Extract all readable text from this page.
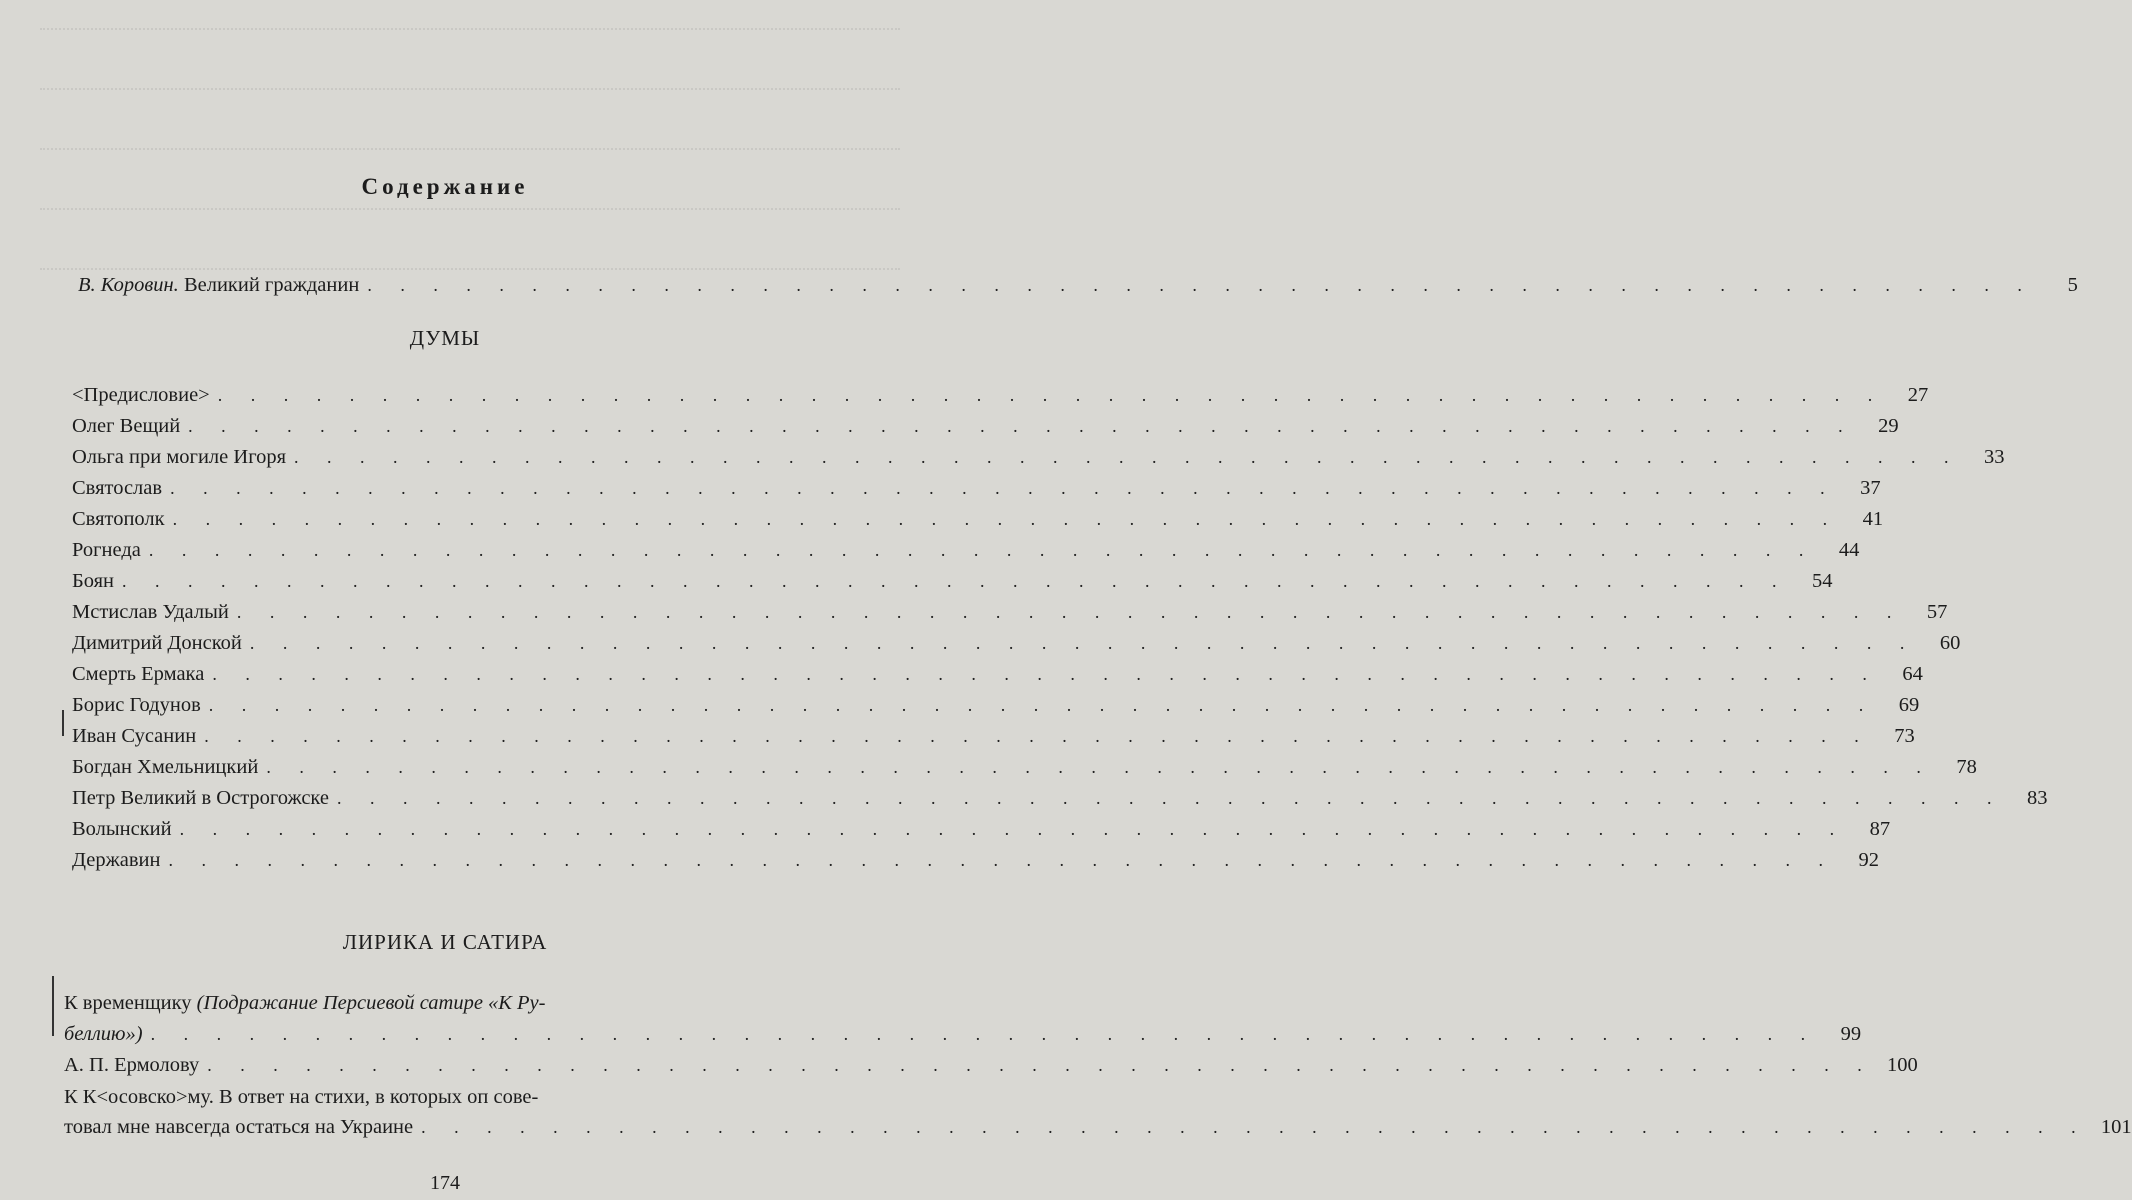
Содержание
В. Коровин. Великий гражданин . . . . . . . . . . . . . . . . . . . . . . . . . . . . . . . . . . . . . . . . . . . . . . . . . . .	5
ДУМЫ
<Предисловие> . . . . . . . . . . . . . . . . . . . . . . . . . . . . . . . . . . . . . . . . . . . . . . . . . . .	27
Олег Вещий . . . . . . . . . . . . . . . . . . . . . . . . . . . . . . . . . . . . . . . . . . . . . . . . . . .	29
Ольга при могиле Игоря . . . . . . . . . . . . . . . . . . . . . . . . . . . . . . . . . . . . . . . . . . . . . . . . . . .	33
Святослав . . . . . . . . . . . . . . . . . . . . . . . . . . . . . . . . . . . . . . . . . . . . . . . . . . .	37
Святополк . . . . . . . . . . . . . . . . . . . . . . . . . . . . . . . . . . . . . . . . . . . . . . . . . . .	41
Рогнеда . . . . . . . . . . . . . . . . . . . . . . . . . . . . . . . . . . . . . . . . . . . . . . . . . . .	44
Боян . . . . . . . . . . . . . . . . . . . . . . . . . . . . . . . . . . . . . . . . . . . . . . . . . . .	54
Мстислав Удалый . . . . . . . . . . . . . . . . . . . . . . . . . . . . . . . . . . . . . . . . . . . . . . . . . . .	57
Димитрий Донской . . . . . . . . . . . . . . . . . . . . . . . . . . . . . . . . . . . . . . . . . . . . . . . . . . .	60
Смерть Ермака . . . . . . . . . . . . . . . . . . . . . . . . . . . . . . . . . . . . . . . . . . . . . . . . . . .	64
Борис Годунов . . . . . . . . . . . . . . . . . . . . . . . . . . . . . . . . . . . . . . . . . . . . . . . . . . .	69
Иван Сусанин . . . . . . . . . . . . . . . . . . . . . . . . . . . . . . . . . . . . . . . . . . . . . . . . . . .	73
Богдан Хмельницкий . . . . . . . . . . . . . . . . . . . . . . . . . . . . . . . . . . . . . . . . . . . . . . . . . . .	78
Петр Великий в Острогожске . . . . . . . . . . . . . . . . . . . . . . . . . . . . . . . . . . . . . . . . . . . . . . . . . . .	83
Волынский . . . . . . . . . . . . . . . . . . . . . . . . . . . . . . . . . . . . . . . . . . . . . . . . . . .	87
Державин . . . . . . . . . . . . . . . . . . . . . . . . . . . . . . . . . . . . . . . . . . . . . . . . . . .	92
ЛИРИКА И САТИРА
К временщику (Подражание Персиевой сатире «К Ру-
беллию») . . . . . . . . . . . . . . . . . . . . . . . . . . . . . . . . . . . . . . . . . . . . . . . . . . .	99
А. П. Ермолову . . . . . . . . . . . . . . . . . . . . . . . . . . . . . . . . . . . . . . . . . . . . . . . . . . . 100
К К<осовско>му. В ответ на стихи, в которых оп сове-
товал мне навсегда остаться на Украине . . . . . . . . . . . . . . . . . . . . . . . . . . . . . . . . . . . . . . . . . . . . . . . . . . . 101
174
